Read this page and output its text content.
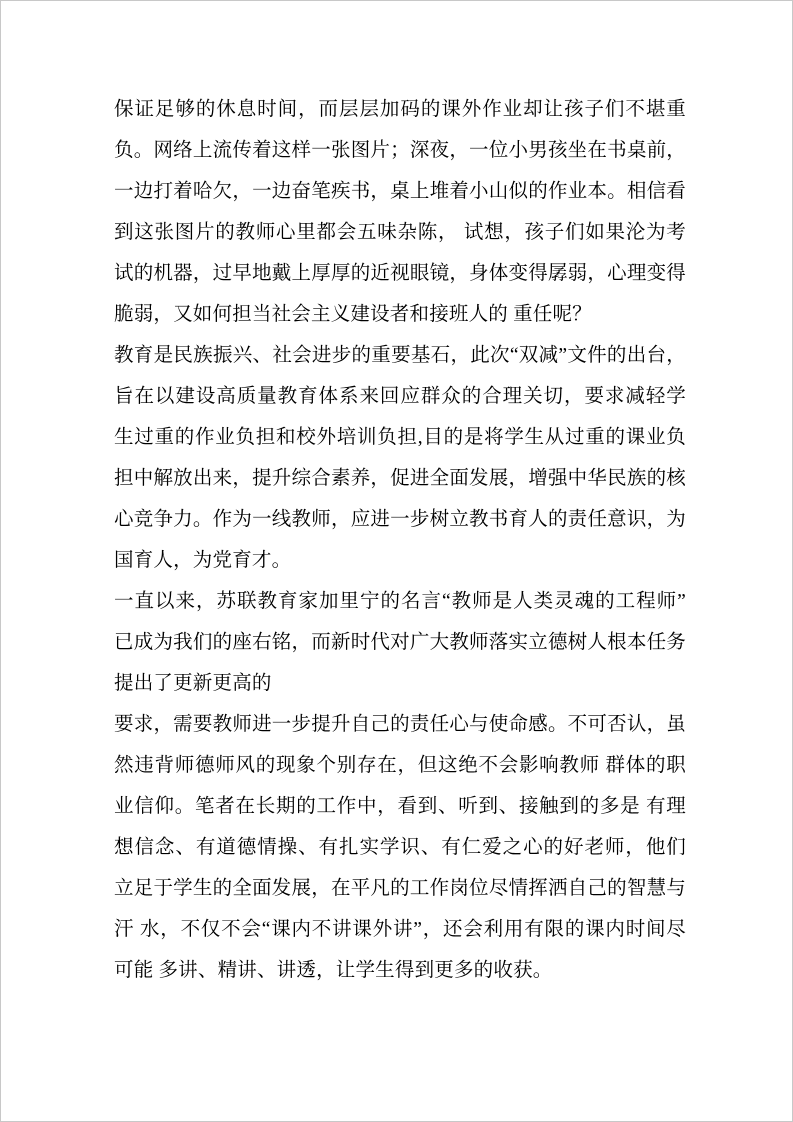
保证足够的休息时间，而层层加码的课外作业却让孩子们不堪重负。网络上流传着这样一张图片；深夜，一位小男孩坐在书桌前，一边打着哈欠，一边奋笔疾书，桌上堆着小山似的作业本。相信看到这张图片的教师心里都会五味杂陈， 试想，孩子们如果沦为考试的机器，过早地戴上厚厚的近视眼镜，身体变得孱弱，心理变得脆弱，又如何担当社会主义建设者和接班人的 重任呢？

教育是民族振兴、社会进步的重要基石，此次“双减”文件的出台，旨在以建设高质量教育体系来回应群众的合理关切，要求减轻学 生过重的作业负担和校外培训负担,目的是将学生从过重的课业负担中解放出来，提升综合素养，促进全面发展，增强中华民族的核心竞争力。作为一线教师，应进一步树立教书育人的责任意识，为国育人，为党育才。

一直以来，苏联教育家加里宁的名言“教师是人类灵魂的工程师” 已成为我们的座右铭，而新时代对广大教师落实立德树人根本任务提出了更新更高的

要求，需要教师进一步提升自己的责任心与使命感。不可否认，虽然违背师德师风的现象个别存在，但这绝不会影响教师 群体的职业信仰。笔者在长期的工作中，看到、听到、接触到的多是 有理想信念、有道德情操、有扎实学识、有仁爱之心的好老师，他们 立足于学生的全面发展，在平凡的工作岗位尽情挥洒自己的智慧与汗 水，不仅不会“课内不讲课外讲”，还会利用有限的课内时间尽可能 多讲、精讲、讲透，让学生得到更多的收获。
